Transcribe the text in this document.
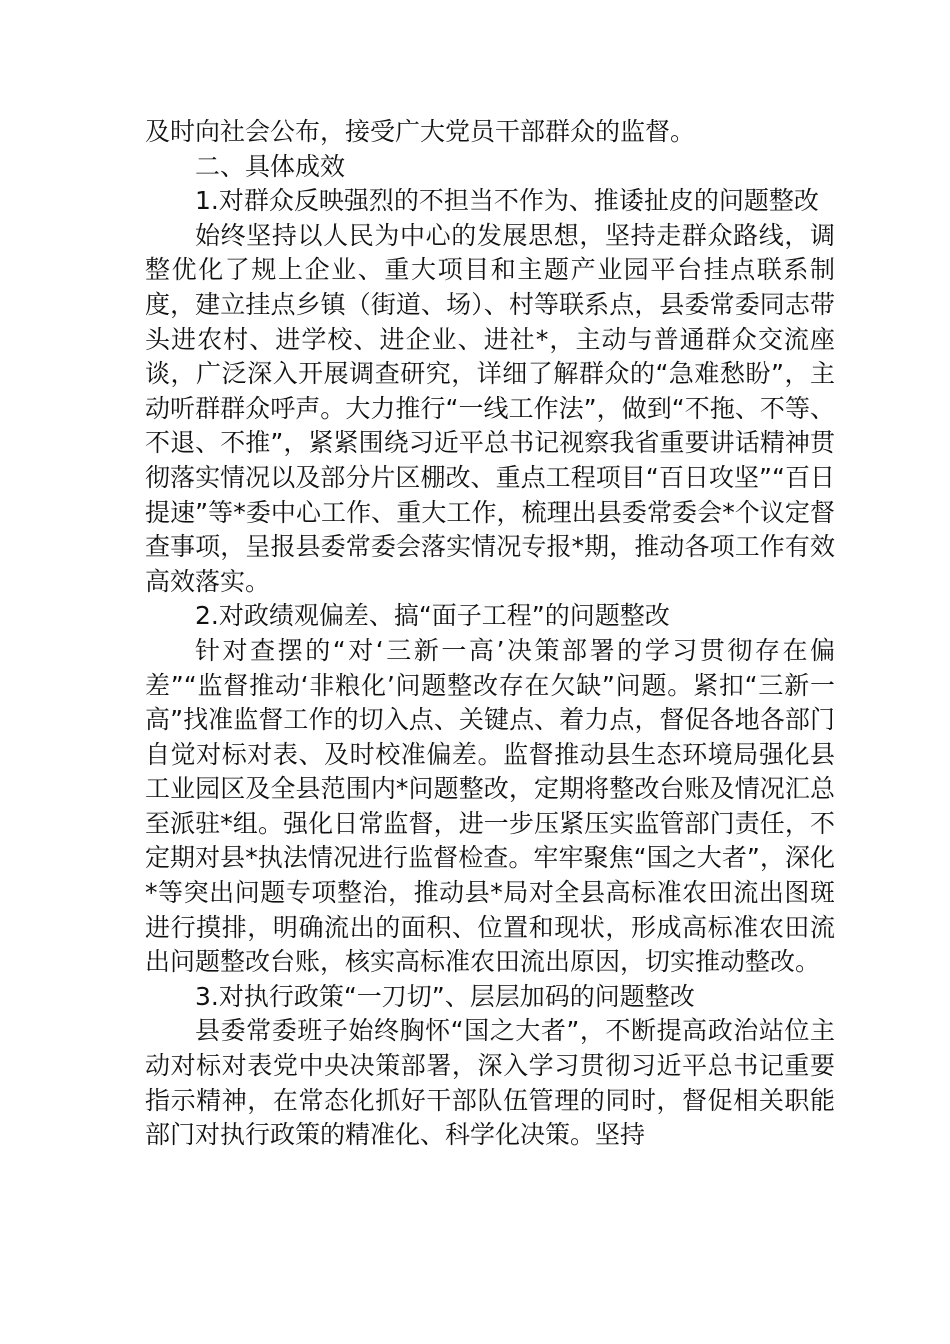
及时向社会公布，接受广大党员干部群众的监督。

二、具体成效

1.对群众反映强烈的不担当不作为、推诿扯皮的问题整改

始终坚持以人民为中心的发展思想，坚持走群众路线，调整优化了规上企业、重大项目和主题产业园平台挂点联系制度，建立挂点乡镇（街道、场）、村等联系点，县委常委同志带头进农村、进学校、进企业、进社*，主动与普通群众交流座谈，广泛深入开展调查研究，详细了解群众的“急难愁盼”，主动听群群众呼声。大力推行“一线工作法”，做到“不拖、不等、不退、不推”，紧紧围绕习近平总书记视察我省重要讲话精神贯彻落实情况以及部分片区棚改、重点工程项目“百日攻坚”“百日提速”等*委中心工作、重大工作，梳理出县委常委会*个议定督查事项，呈报县委常委会落实情况专报*期，推动各项工作有效高效落实。

2.对政绩观偏差、搞“面子工程”的问题整改

针对查摆的“对‘三新一高’决策部署的学习贯彻存在偏差”“监督推动‘非粮化’问题整改存在欠缺”问题。紧扣“三新一高”找准监督工作的切入点、关键点、着力点，督促各地各部门自觉对标对表、及时校准偏差。监督推动县生态环境局强化县工业园区及全县范围内*问题整改，定期将整改台账及情况汇总至派驻*组。强化日常监督，进一步压紧压实监管部门责任，不定期对县*执法情况进行监督检查。牢牢聚焦“国之大者”，深化*等突出问题专项整治，推动县*局对全县高标准农田流出图斑进行摸排，明确流出的面积、位置和现状，形成高标准农田流出问题整改台账，核实高标准农田流出原因，切实推动整改。

3.对执行政策“一刀切”、层层加码的问题整改

县委常委班子始终胸怀“国之大者”，不断提高政治站位主动对标对表党中央决策部署，深入学习贯彻习近平总书记重要指示精神，在常态化抓好干部队伍管理的同时，督促相关职能部门对执行政策的精准化、科学化决策。坚持
